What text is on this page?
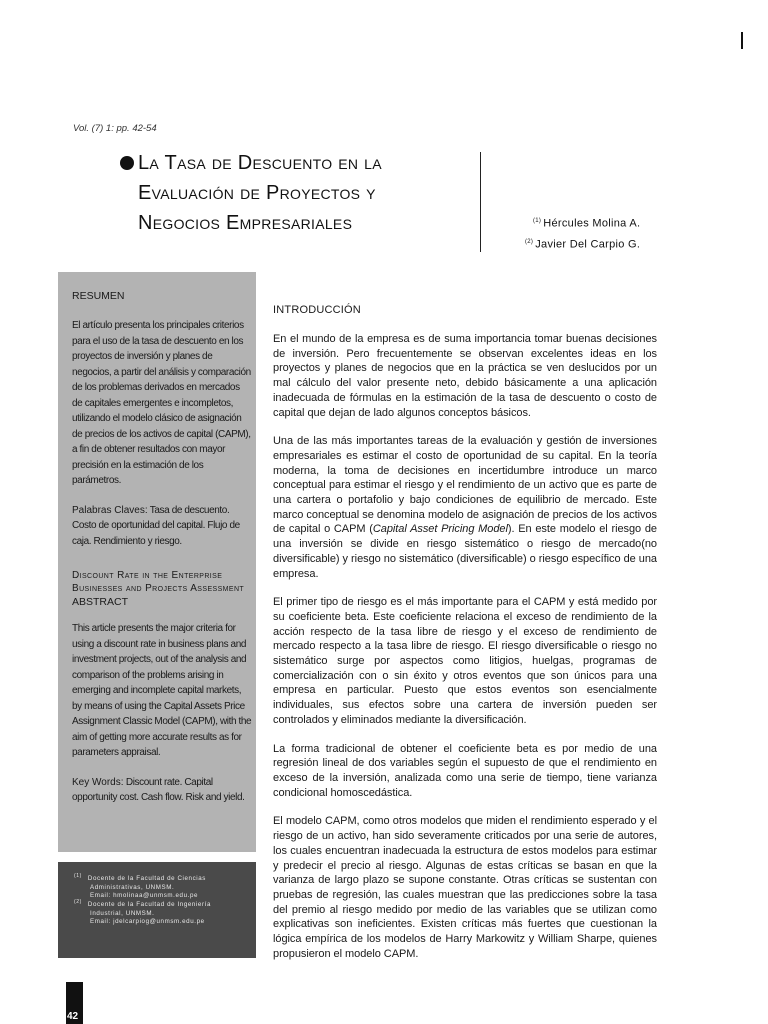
Vol. (7) 1: pp. 42-54
La Tasa de Descuento en la
Evaluación de Proyectos y
Negocios Empresariales	$^{(1)}$ Hércules Molina A.
$^{(2)}$ Javier Del Carpio G.
RESUMEN

El artículo presenta los principales criterios para el uso de la tasa de descuento en los proyectos de inversión y planes de negocios, a partir del análisis y comparación de los problemas derivados en mercados de capitales emergentes e incompletos, utilizando el modelo clásico de asignación de precios de los activos de capital (CAPM), a fin de obtener resultados con mayor precisión en la estimación de los parámetros.

Palabras Claves: Tasa de descuento. Costo de oportunidad del capital. Flujo de caja. Rendimiento y riesgo.

Discount Rate in the Enterprise Businesses and Projects Assessment
ABSTRACT

This article presents the major criteria for using a discount rate in business plans and investment projects, out of the analysis and comparison of the problems arising in emerging and incomplete capital markets, by means of using the Capital Assets Price Assignment Classic Model (CAPM), with the aim of getting more accurate results as for parameters appraisal.

Key Words: Discount rate. Capital opportunity cost. Cash flow. Risk and yield.

$^{(1)}$ Docente de la Facultad de Ciencias
Administrativas, UNMSM.
Email: hmolinaa@unmsm.edu.pe
$^{(2)}$ Docente de la Facultad de Ingeniería
Industrial, UNMSM.
Email: jdelcarpiog@unmsm.edu.pe
INTRODUCCIÓN

En el mundo de la empresa es de suma importancia tomar buenas decisiones de inversión. Pero frecuentemente se observan excelentes ideas en los proyectos y planes de negocios que en la práctica se ven deslucidos por un mal cálculo del valor presente neto, debido básicamente a una aplicación inadecuada de fórmulas en la estimación de la tasa de descuento o costo de capital que dejan de lado algunos conceptos básicos.

Una de las más importantes tareas de la evaluación y gestión de inversiones empresariales es estimar el costo de oportunidad de su capital. En la teoría moderna, la toma de decisiones en incertidumbre introduce un marco conceptual para estimar el riesgo y el rendimiento de un activo que es parte de una cartera o portafolio y bajo condiciones de equilibrio de mercado. Este marco conceptual se denomina modelo de asignación de precios de los activos de capital o CAPM (Capital Asset Pricing Model). En este modelo el riesgo de una inversión se divide en riesgo sistemático o riesgo de mercado(no diversificable) y riesgo no sistemático (diversificable) o riesgo específico de una empresa.

El primer tipo de riesgo es el más importante para el CAPM y está medido por su coeficiente beta. Este coeficiente relaciona el exceso de rendimiento de la acción respecto de la tasa libre de riesgo y el exceso de rendimiento de mercado respecto a la tasa libre de riesgo. El riesgo diversificable o riesgo no sistemático surge por aspectos como litigios, huelgas, programas de comercialización con o sin éxito y otros eventos que son únicos para una empresa en particular. Puesto que estos eventos son esencialmente individuales, sus efectos sobre una cartera de inversión pueden ser controlados y eliminados mediante la diversificación.

La forma tradicional de obtener el coeficiente beta es por medio de una regresión lineal de dos variables según el supuesto de que el rendimiento en exceso de la inversión, analizada como una serie de tiempo, tiene varianza condicional homoscedástica.

El modelo CAPM, como otros modelos que miden el rendimiento esperado y el riesgo de un activo, han sido severamente criticados por una serie de autores, los cuales encuentran inadecuada la estructura de estos modelos para estimar y predecir el precio al riesgo. Algunas de estas críticas se basan en que la varianza de largo plazo se supone constante. Otras críticas se sustentan con pruebas de regresión, las cuales muestran que las predicciones sobre la tasa del premio al riesgo medido por medio de las variables que se utilizan como explicativas son ineficientes. Existen críticas más fuertes que cuestionan la lógica empírica de los modelos de Harry Markowitz y William Sharpe, quienes propusieron el modelo CAPM.

42
